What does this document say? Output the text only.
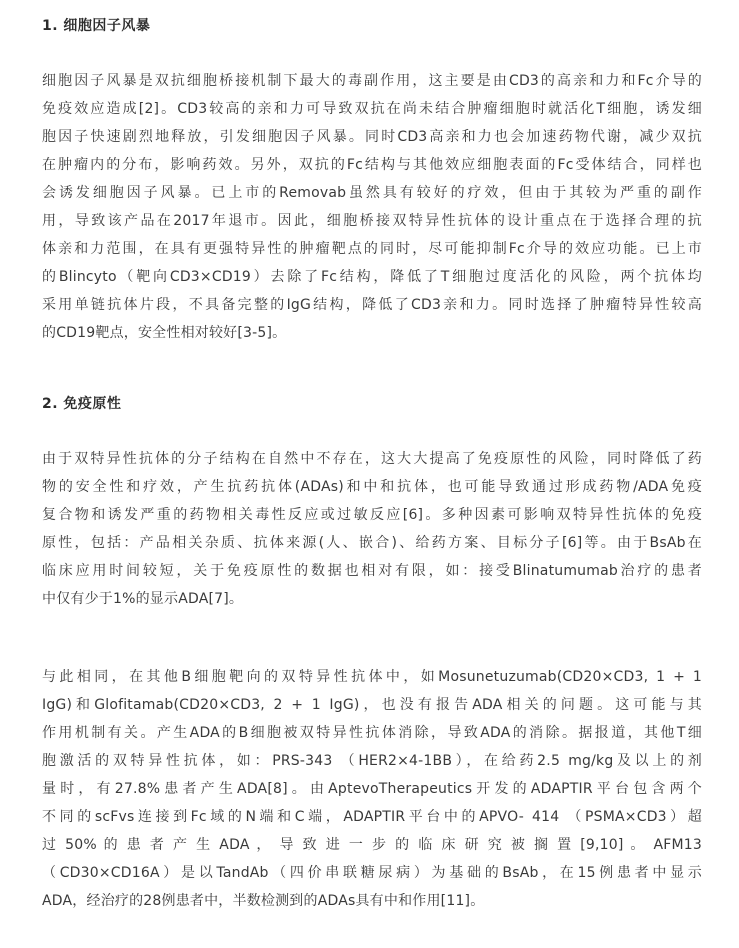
1. 细胞因子风暴
细胞因子风暴是双抗细胞桥接机制下最大的毒副作用，这主要是由CD3的高亲和力和Fc介导的
免疫效应造成[2]。CD3较高的亲和力可导致双抗在尚未结合肿瘤细胞时就活化T细胞，诱发细
胞因子快速剧烈地释放，引发细胞因子风暴。同时CD3高亲和力也会加速药物代谢，减少双抗
在肿瘤内的分布，影响药效。另外，双抗的Fc结构与其他效应细胞表面的Fc受体结合，同样也
会诱发细胞因子风暴。已上市的Removab虽然具有较好的疗效，但由于其较为严重的副作
用，导致该产品在2017年退市。因此，细胞桥接双特异性抗体的设计重点在于选择合理的抗
体亲和力范围，在具有更强特异性的肿瘤靶点的同时，尽可能抑制Fc介导的效应功能。已上市
的Blincyto（靶向CD3×CD19）去除了Fc结构，降低了T细胞过度活化的风险，两个抗体均
采用单链抗体片段，不具备完整的IgG结构，降低了CD3亲和力。同时选择了肿瘤特异性较高
的CD19靶点，安全性相对较好[3-5]。
2. 免疫原性
由于双特异性抗体的分子结构在自然中不存在，这大大提高了免疫原性的风险，同时降低了药
物的安全性和疗效，产生抗药抗体(ADAs)和中和抗体，也可能导致通过形成药物/ADA免疫
复合物和诱发严重的药物相关毒性反应或过敏反应[6]。多种因素可影响双特异性抗体的免疫
原性，包括：产品相关杂质、抗体来源(人、嵌合)、给药方案、目标分子[6]等。由于BsAb在
临床应用时间较短，关于免疫原性的数据也相对有限，如：接受Blinatumumab治疗的患者
中仅有少于1%的显示ADA[7]。
与此相同，在其他B细胞靶向的双特异性抗体中，如Mosunetuzumab(CD20×CD3, 1 + 1
IgG)和Glofitamab(CD20×CD3, 2 + 1 IgG)，也没有报告ADA相关的问题。这可能与其
作用机制有关。产生ADA的B细胞被双特异性抗体消除，导致ADA的消除。据报道，其他T细
胞激活的双特异性抗体，如：PRS-343 （HER2×4-1BB），在给药2.5 mg/kg及以上的剂
量时，有27.8%患者产生ADA[8]。由AptevoTherapeutics开发的ADAPTIR平台包含两个
不同的scFvs连接到Fc域的N端和C端，ADAPTIR平台中的APVO- 414 （PSMA×CD3）超
过 50% 的 患 者 产 生 ADA ， 导 致 进 一 步 的 临 床 研 究 被 搁 置 [9,10] 。 AFM13
（CD30×CD16A）是以TandAb（四价串联糖尿病）为基础的BsAb，在15例患者中显示
ADA，经治疗的28例患者中，半数检测到的ADAs具有中和作用[11]。
